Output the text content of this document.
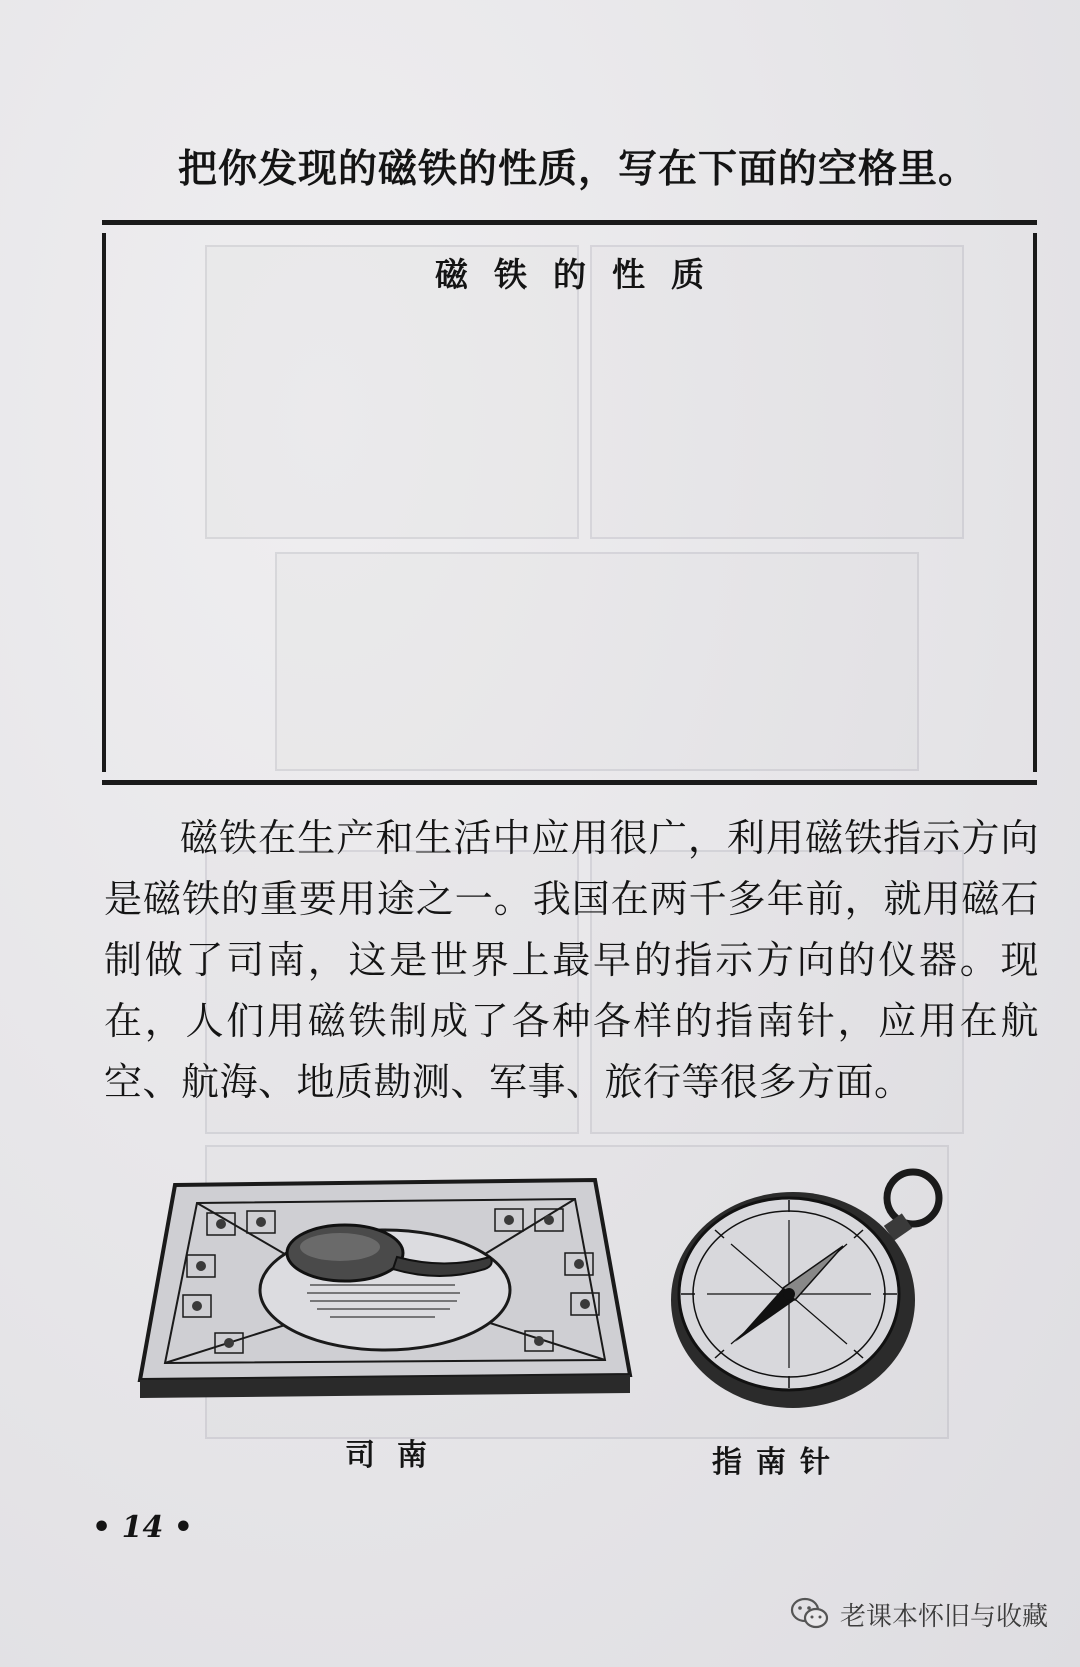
把你发现的磁铁的性质，写在下面的空格里。
磁铁的性质

磁铁在生产和生活中应用很广，利用磁铁指示方向是磁铁的重要用途之一。我国在两千多年前，就用磁石制做了司南，这是世界上最早的指示方向的仪器。现在，人们用磁铁制成了各种各样的指南针，应用在航空、航海、地质勘测、军事、旅行等很多方面。

司南	指南针
• 14 •
老课本怀旧与收藏
